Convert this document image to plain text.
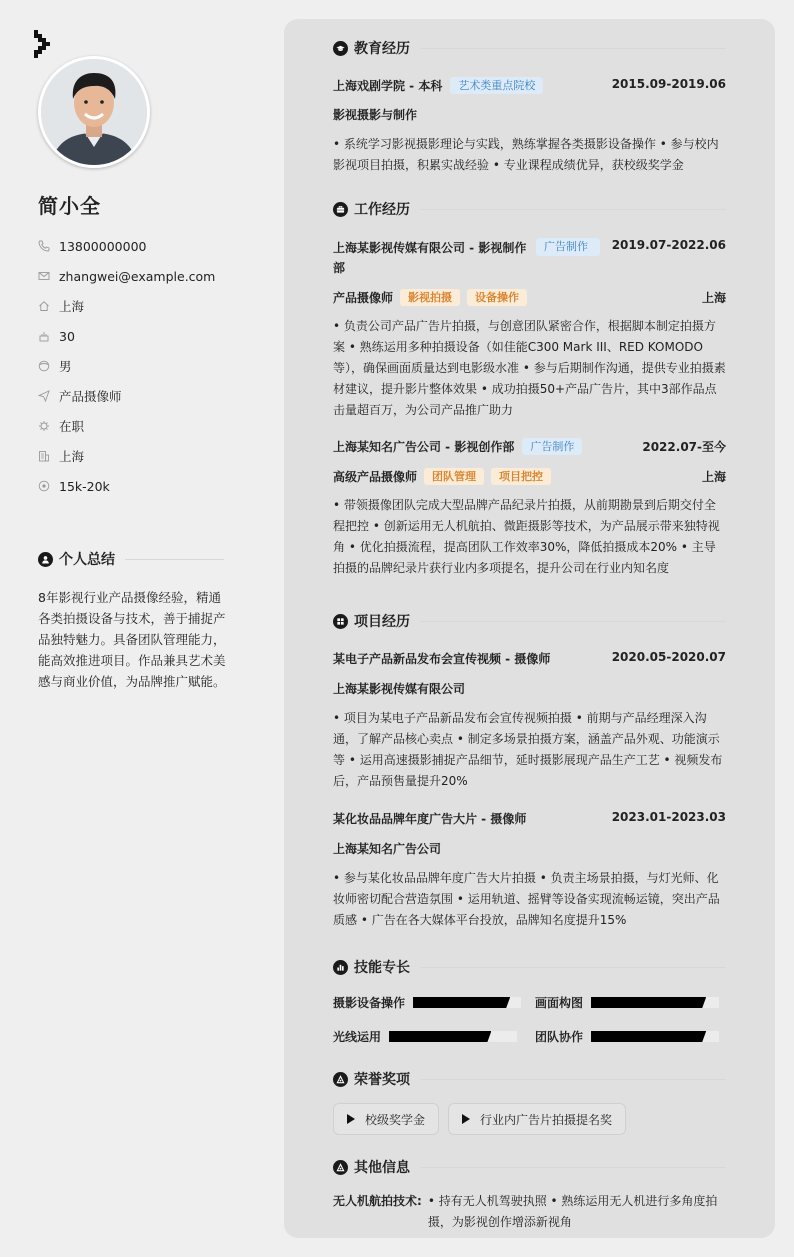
简小全
13800000000
zhangwei@example.com
上海
30
男
产品摄像师
在职
上海
15k-20k
个人总结
8年影视行业产品摄像经验，精通各类拍摄设备与技术，善于捕捉产品独特魅力。具备团队管理能力，能高效推进项目。作品兼具艺术美感与商业价值，为品牌推广赋能。
教育经历
上海戏剧学院 - 本科	艺术类重点院校	2015.09-2019.06
影视摄影与制作
• 系统学习影视摄影理论与实践，熟练掌握各类摄影设备操作 • 参与校内影视项目拍摄，积累实战经验 • 专业课程成绩优异，获校级奖学金
工作经历
上海某影视传媒有限公司 - 影视制作部
广告制作	2019.07-2022.06
产品摄像师	影视拍摄	设备操作	上海
• 负责公司产品广告片拍摄，与创意团队紧密合作，根据脚本制定拍摄方案 • 熟练运用多种拍摄设备（如佳能C300 Mark III、RED KOMODO等），确保画面质量达到电影级水准 • 参与后期制作沟通，提供专业拍摄素材建议，提升影片整体效果 • 成功拍摄50+产品广告片，其中3部作品点击量超百万，为公司产品推广助力
上海某知名广告公司 - 影视创作部	广告制作	2022.07-至今
高级产品摄像师	团队管理	项目把控	上海
• 带领摄像团队完成大型品牌产品纪录片拍摄，从前期勘景到后期交付全程把控 • 创新运用无人机航拍、微距摄影等技术，为产品展示带来独特视角 • 优化拍摄流程，提高团队工作效率30%，降低拍摄成本20% • 主导拍摄的品牌纪录片获行业内多项提名，提升公司在行业内知名度
项目经历
某电子产品新品发布会宣传视频 - 摄像师	2020.05-2020.07
上海某影视传媒有限公司
• 项目为某电子产品新品发布会宣传视频拍摄 • 前期与产品经理深入沟通，了解产品核心卖点 • 制定多场景拍摄方案，涵盖产品外观、功能演示等 • 运用高速摄影捕捉产品细节，延时摄影展现产品生产工艺 • 视频发布后，产品预售量提升20%
某化妆品品牌年度广告大片 - 摄像师	2023.01-2023.03
上海某知名广告公司
• 参与某化妆品品牌年度广告大片拍摄 • 负责主场景拍摄，与灯光师、化妆师密切配合营造氛围 • 运用轨道、摇臂等设备实现流畅运镜，突出产品质感 • 广告在各大媒体平台投放，品牌知名度提升15%
技能专长
摄影设备操作	画面构图
光线运用	团队协作
荣誉奖项
校级奖学金	行业内广告片拍摄提名奖
其他信息
无人机航拍技术: • 持有无人机驾驶执照 • 熟练运用无人机进行多角度拍摄，为影视创作增添新视角
